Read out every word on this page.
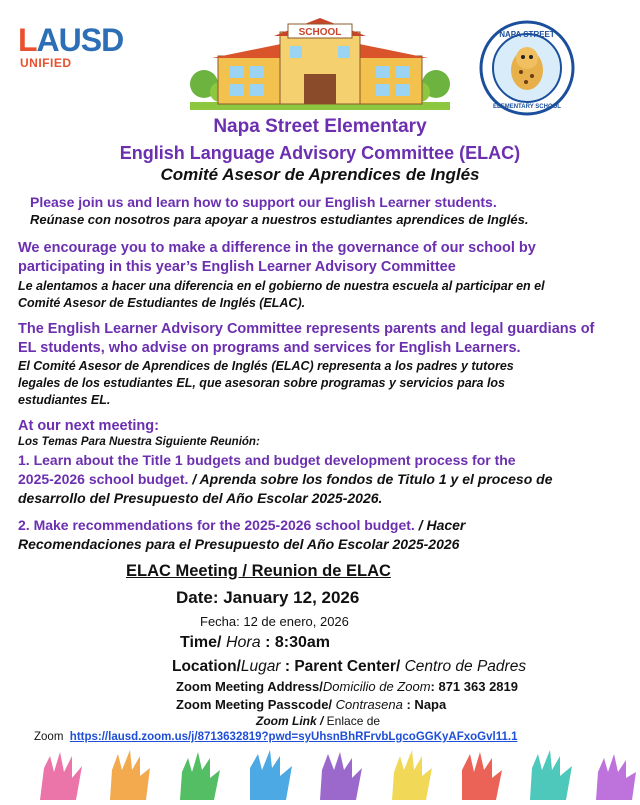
LAUSD
UNIFIED
SCHOOL	NAPA STREET
ELEMENTARY SCHOOL
Napa Street Elementary
English Language Advisory Committee (ELAC)
Comité Asesor de Aprendices de Inglés
Please join us and learn how to support our English Learner students.
Reúnase con nosotros para apoyar a nuestros estudiantes aprendices de Inglés.
We encourage you to make a difference in the governance of our school by
participating in this year’s English Learner Advisory Committee
Le alentamos a hacer una diferencia en el gobierno de nuestra escuela al participar en el
Comité Asesor de Estudiantes de Inglés (ELAC).
The English Learner Advisory Committee represents parents and legal guardians of
EL students, who advise on programs and services for English Learners.
El Comité Asesor de Aprendices de Inglés (ELAC) representa a los padres y tutores
legales de los estudiantes EL, que asesoran sobre programas y servicios para los
estudiantes EL.
At our next meeting:
Los Temas Para Nuestra Siguiente Reunión:
1. Learn about the Title 1 budgets and budget development process for the
2025-2026 school budget. / Aprenda sobre los fondos de Titulo 1 y el proceso de
desarrollo del Presupuesto del Año Escolar 2025-2026.
2. Make recommendations for the 2025-2026 school budget. / Hacer
Recomendaciones para el Presupuesto del Año Escolar 2025-2026
ELAC Meeting / Reunion de ELAC
Date: January 12, 2026
Fecha: 12 de enero, 2026
Time/ Hora : 8:30am
Location/Lugar : Parent Center/ Centro de Padres
Zoom Meeting Address/Domicilio de Zoom: 871 363 2819
Zoom Meeting Passcode/ Contrasena : Napa
Zoom Link / Enlace de
Zoom https://lausd.zoom.us/j/8713632819?pwd=syUhsnBhRFrvbLgcoGGKyAFxoGvl11.1
